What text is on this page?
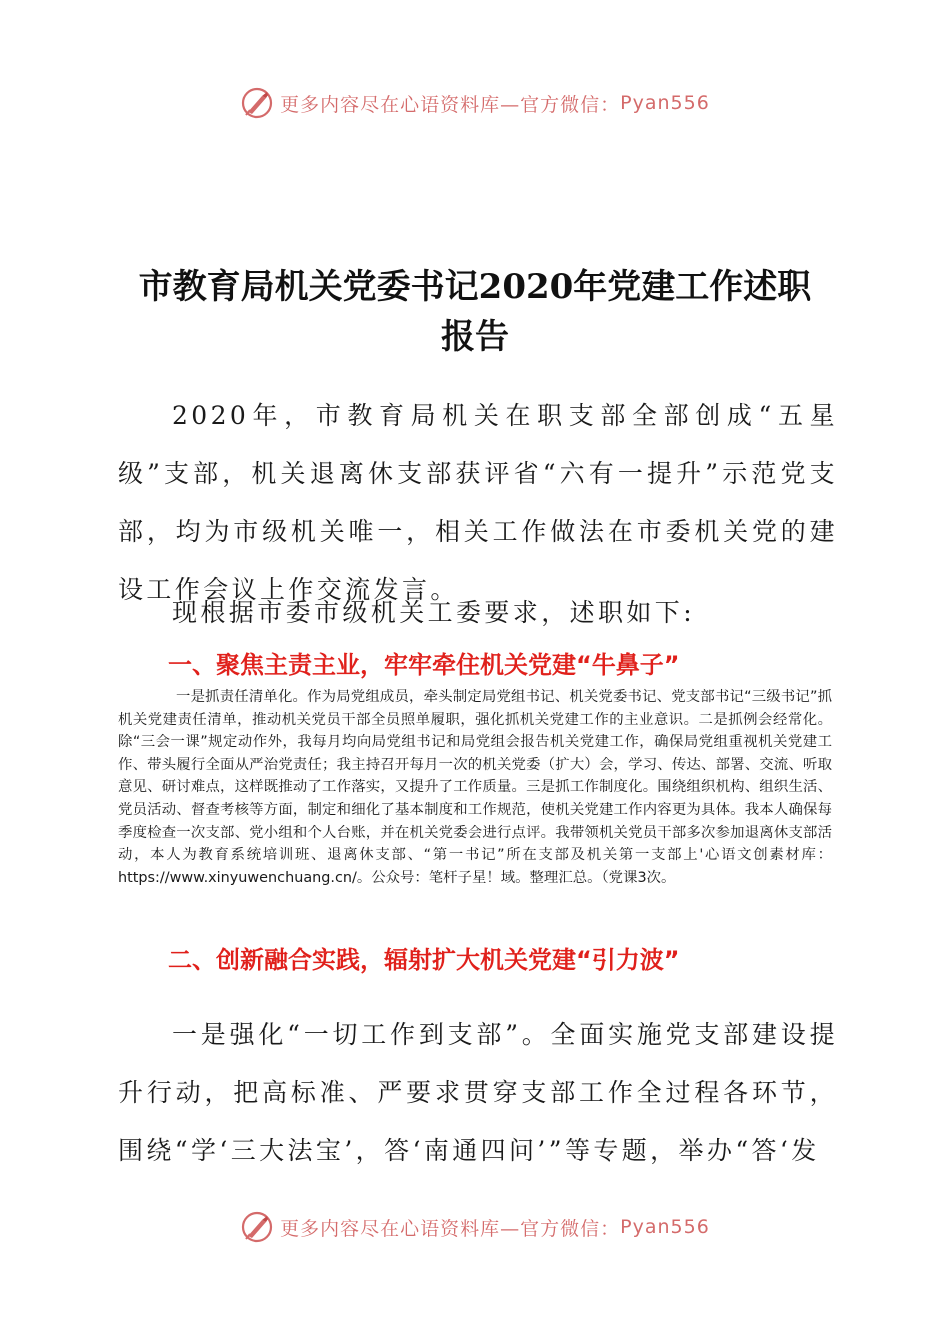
更多内容尽在心语资料库—官方微信： Pyan556
市教育局机关党委书记2020年党建工作述职
报告

2020年，市教育局机关在职支部全部创成“五星级”支部，机关退离休支部获评省“六有一提升”示范党支部，均为市级机关唯一，相关工作做法在市委机关党的建设工作会议上作交流发言。

现根据市委市级机关工委要求，述职如下:

一、聚焦主责主业，牢牢牵住机关党建“牛鼻子”

一是抓责任清单化。作为局党组成员，牵头制定局党组书记、机关党委书记、党支部书记“三级书记”抓机关党建责任清单，推动机关党员干部全员照单履职，强化抓机关党建工作的主业意识。二是抓例会经常化。除“三会一课”规定动作外，我每月均向局党组书记和局党组会报告机关党建工作，确保局党组重视机关党建工作、带头履行全面从严治党责任；我主持召开每月一次的机关党委（扩大）会，学习、传达、部署、交流、听取意见、研讨难点，这样既推动了工作落实，又提升了工作质量。三是抓工作制度化。围绕组织机构、组织生活、党员活动、督查考核等方面，制定和细化了基本制度和工作规范，使机关党建工作内容更为具体。我本人确保每季度检查一次支部、党小组和个人台账，并在机关党委会进行点评。我带领机关党员干部多次参加退离休支部活动，本人为教育系统培训班、退离休支部、“第一书记”所在支部及机关第一支部上'心语文创素材库：https://www.xinyuwenchuang.cn/。公众号：笔杆子星！域。整理汇总。（党课3次。

二、创新融合实践，辐射扩大机关党建“引力波”

一是强化“一切工作到支部”。全面实施党支部建设提升行动，把高标准、严要求贯穿支部工作全过程各环节，围绕“学‘三大法宝’，答‘南通四问’”等专题，举办“答‘发

更多内容尽在心语资料库—官方微信： Pyan556
